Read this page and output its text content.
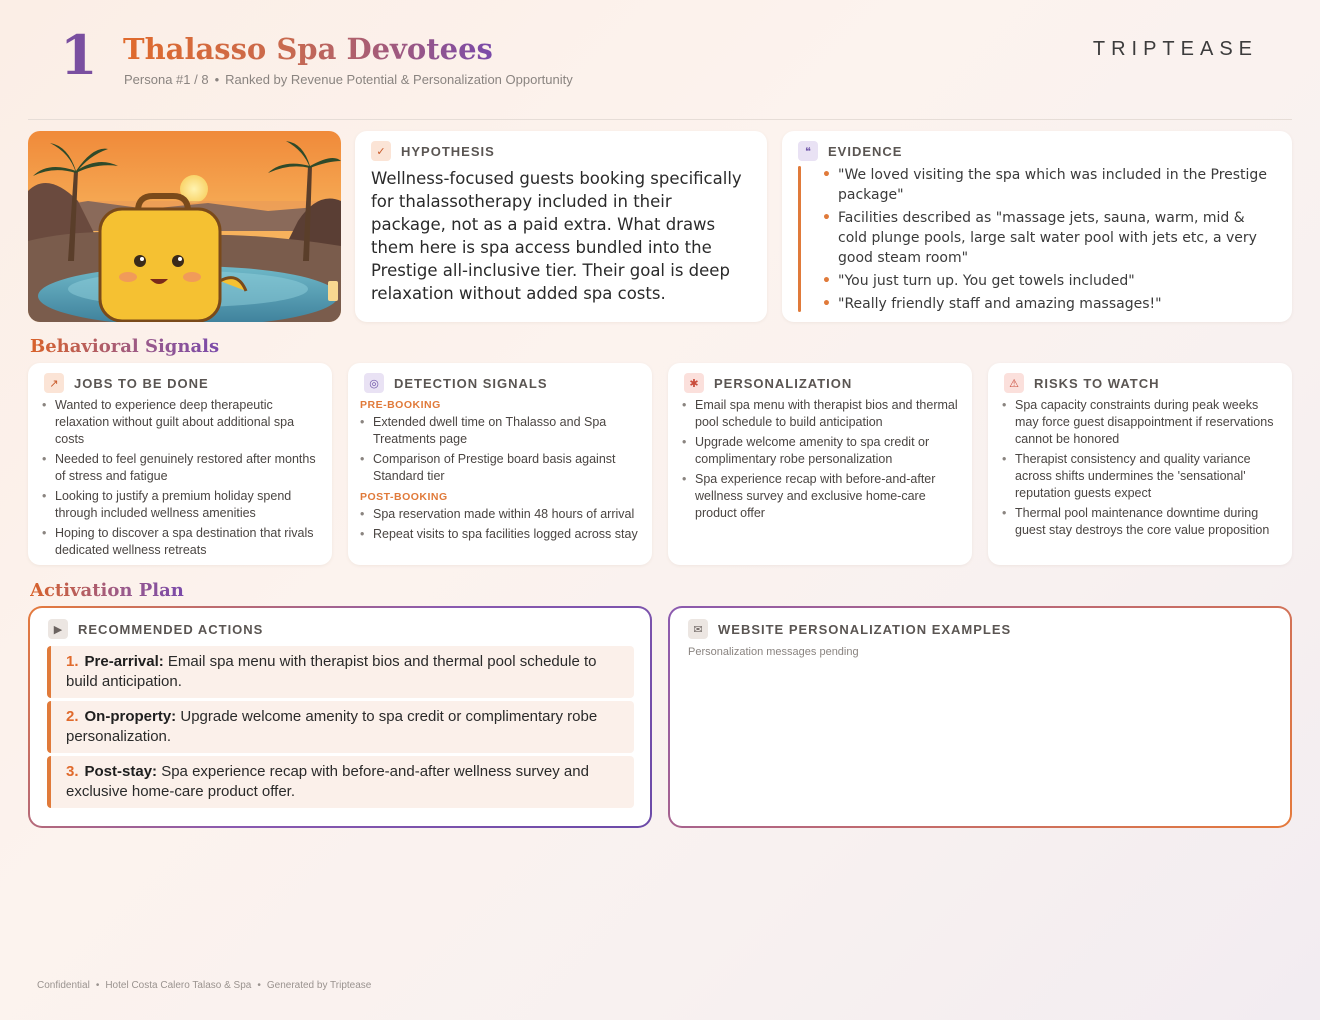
1 Thalasso Spa Devotees
Persona #1 / 8 • Ranked by Revenue Potential & Personalization Opportunity
TRIPTEASE
✓	HYPOTHESIS
Wellness-focused guests booking specifically for thalassotherapy included in their package, not as a paid extra. What draws them here is spa access bundled into the Prestige all-inclusive tier. Their goal is deep relaxation without added spa costs.
❝	EVIDENCE
• "We loved visiting the spa which was included in the Prestige package"
• Facilities described as "massage jets, sauna, warm, mid & cold plunge pools, large salt water pool with jets etc, a very good steam room"
• "You just turn up. You get towels included"
• "Really friendly staff and amazing massages!"
Behavioral Signals
↗	JOBS TO BE DONE
• Wanted to experience deep therapeutic relaxation without guilt about additional spa costs
• Needed to feel genuinely restored after months of stress and fatigue
• Looking to justify a premium holiday spend through included wellness amenities
• Hoping to discover a spa destination that rivals dedicated wellness retreats
◎	DETECTION SIGNALS
PRE-BOOKING
• Extended dwell time on Thalasso and Spa Treatments page
• Comparison of Prestige board basis against Standard tier
POST-BOOKING
• Spa reservation made within 48 hours of arrival
• Repeat visits to spa facilities logged across stay
✱	PERSONALIZATION
• Email spa menu with therapist bios and thermal pool schedule to build anticipation
• Upgrade welcome amenity to spa credit or complimentary robe personalization
• Spa experience recap with before-and-after wellness survey and exclusive home-care product offer
⚠	RISKS TO WATCH
• Spa capacity constraints during peak weeks may force guest disappointment if reservations cannot be honored
• Therapist consistency and quality variance across shifts undermines the 'sensational' reputation guests expect
• Thermal pool maintenance downtime during guest stay destroys the core value proposition
Activation Plan
▶	RECOMMENDED ACTIONS
1. Pre-arrival: Email spa menu with therapist bios and thermal pool schedule to build anticipation.
2. On-property: Upgrade welcome amenity to spa credit or complimentary robe personalization.
3. Post-stay: Spa experience recap with before-and-after wellness survey and exclusive home-care product offer.
✉	WEBSITE PERSONALIZATION EXAMPLES
Personalization messages pending
Confidential • Hotel Costa Calero Talaso & Spa • Generated by Triptease
